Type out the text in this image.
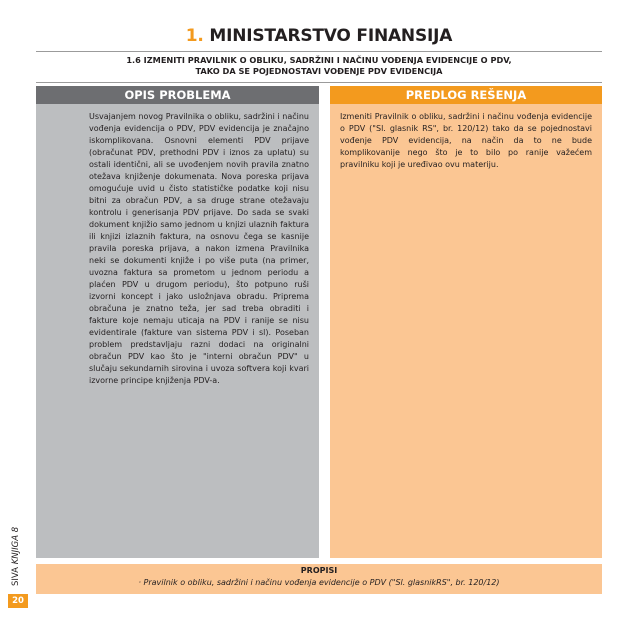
1. MINISTARSTVO FINANSIJA
1.6 IZMENITI PRAVILNIK O OBLIKU, SADRŽINI I NAČINU VOĐENJA EVIDENCIJE O PDV,
TAKO DA SE POJEDNOSTAVI VOĐENJE PDV EVIDENCIJA
OPIS PROBLEMA	PREDLOG REŠENJA

Usvajanjem novog Pravilnika o obliku, sadržini i načinu vođenja evidencija o PDV, PDV evidencija je značajno iskomplikovana. Osnovni elementi PDV prijave (obračunat PDV, prethodni PDV i iznos za uplatu) su ostali identični, ali se uvođenjem novih pravila znatno otežava knjiženje dokumenata. Nova poreska prijava omogućuje uvid u čisto statističke podatke koji nisu bitni za obračun PDV, a sa druge strane otežavaju kontrolu i generisanja PDV prijave. Do sada se svaki dokument knjižio samo jednom u knjizi ulaznih faktura ili knjizi izlaznih faktura, na osnovu čega se kasnije pravila poreska prijava, a nakon izmena Pravilnika neki se dokumenti knjiže i po više puta (na primer, uvozna faktura sa prometom u jednom periodu a plaćen PDV u drugom periodu), što potpuno ruši izvorni koncept i jako usložnjava obradu. Pripremа obračuna je znatno teža, jer sad treba obraditi i fakture koje nemaju uticaja na PDV i ranije se nisu evidentirale (fakture van sistema PDV i sl). Poseban problem predstavljaju razni dodaci na originalni obračun PDV kao što je "interni obračun PDV" u slučaju sekundarnih sirovina i uvoza softvera koji kvari izvorne principe knjiženja PDV-a.

Izmeniti Pravilnik o obliku, sadržini i načinu vođenja evidencije o PDV ("Sl. glasnik RS", br. 120/12) tako da se pojednostavi vođenje PDV evidencija, na način da to ne bude komplikovanije nego što je to bilo po ranije važećem pravilniku koji je uređivao ovu materiju.

PROPISI
· Pravilnik o obliku, sadržini i načinu vođenja evidencije o PDV ("Sl. glasnikRS", br. 120/12)
SIVA KNJIGA 8
20
